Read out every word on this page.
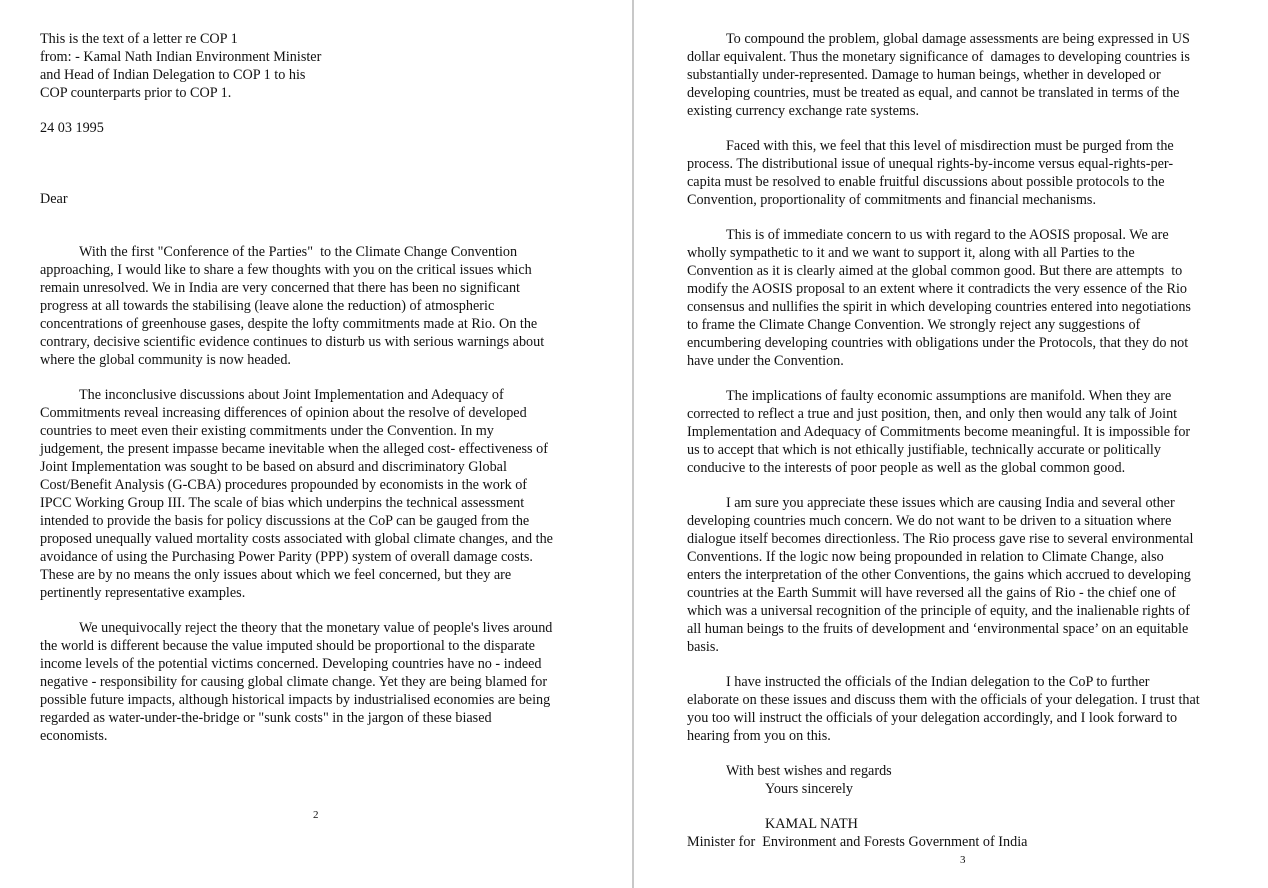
This is the text of a letter re COP 1
from: - Kamal Nath Indian Environment Minister
and Head of Indian Delegation to COP 1 to his
COP counterparts prior to COP 1.
24 03 1995
Dear
With the first "Conference of the Parties"  to the Climate Change Convention
approaching, I would like to share a few thoughts with you on the critical issues which
remain unresolved. We in India are very concerned that there has been no significant
progress at all towards the stabilising (leave alone the reduction) of atmospheric
concentrations of greenhouse gases, despite the lofty commitments made at Rio. On the
contrary, decisive scientific evidence continues to disturb us with serious warnings about
where the global community is now headed.
The inconclusive discussions about Joint Implementation and Adequacy of
Commitments reveal increasing differences of opinion about the resolve of developed
countries to meet even their existing commitments under the Convention. In my
judgement, the present impasse became inevitable when the alleged cost- effectiveness of
Joint Implementation was sought to be based on absurd and discriminatory Global
Cost/Benefit Analysis (G-CBA) procedures propounded by economists in the work of
IPCC Working Group III. The scale of bias which underpins the technical assessment
intended to provide the basis for policy discussions at the CoP can be gauged from the
proposed unequally valued mortality costs associated with global climate changes, and the
avoidance of using the Purchasing Power Parity (PPP) system of overall damage costs.
These are by no means the only issues about which we feel concerned, but they are
pertinently representative examples.
We unequivocally reject the theory that the monetary value of people's lives around
the world is different because the value imputed should be proportional to the disparate
income levels of the potential victims concerned. Developing countries have no - indeed
negative - responsibility for causing global climate change. Yet they are being blamed for
possible future impacts, although historical impacts by industrialised economies are being
regarded as water-under-the-bridge or "sunk costs" in the jargon of these biased
economists.
2
To compound the problem, global damage assessments are being expressed in US
dollar equivalent. Thus the monetary significance of  damages to developing countries is
substantially under-represented. Damage to human beings, whether in developed or
developing countries, must be treated as equal, and cannot be translated in terms of the
existing currency exchange rate systems.
Faced with this, we feel that this level of misdirection must be purged from the
process. The distributional issue of unequal rights-by-income versus equal-rights-per-
capita must be resolved to enable fruitful discussions about possible protocols to the
Convention, proportionality of commitments and financial mechanisms.
This is of immediate concern to us with regard to the AOSIS proposal. We are
wholly sympathetic to it and we want to support it, along with all Parties to the
Convention as it is clearly aimed at the global common good. But there are attempts  to
modify the AOSIS proposal to an extent where it contradicts the very essence of the Rio
consensus and nullifies the spirit in which developing countries entered into negotiations
to frame the Climate Change Convention. We strongly reject any suggestions of
encumbering developing countries with obligations under the Protocols, that they do not
have under the Convention.
The implications of faulty economic assumptions are manifold. When they are
corrected to reflect a true and just position, then, and only then would any talk of Joint
Implementation and Adequacy of Commitments become meaningful. It is impossible for
us to accept that which is not ethically justifiable, technically accurate or politically
conducive to the interests of poor people as well as the global common good.
I am sure you appreciate these issues which are causing India and several other
developing countries much concern. We do not want to be driven to a situation where
dialogue itself becomes directionless. The Rio process gave rise to several environmental
Conventions. If the logic now being propounded in relation to Climate Change, also
enters the interpretation of the other Conventions, the gains which accrued to developing
countries at the Earth Summit will have reversed all the gains of Rio - the chief one of
which was a universal recognition of the principle of equity, and the inalienable rights of
all human beings to the fruits of development and ‘environmental space’ on an equitable
basis.
I have instructed the officials of the Indian delegation to the CoP to further
elaborate on these issues and discuss them with the officials of your delegation. I trust that
you too will instruct the officials of your delegation accordingly, and I look forward to
hearing from you on this.
With best wishes and regards
Yours sincerely
KAMAL NATH
Minister for  Environment and Forests Government of India
3
